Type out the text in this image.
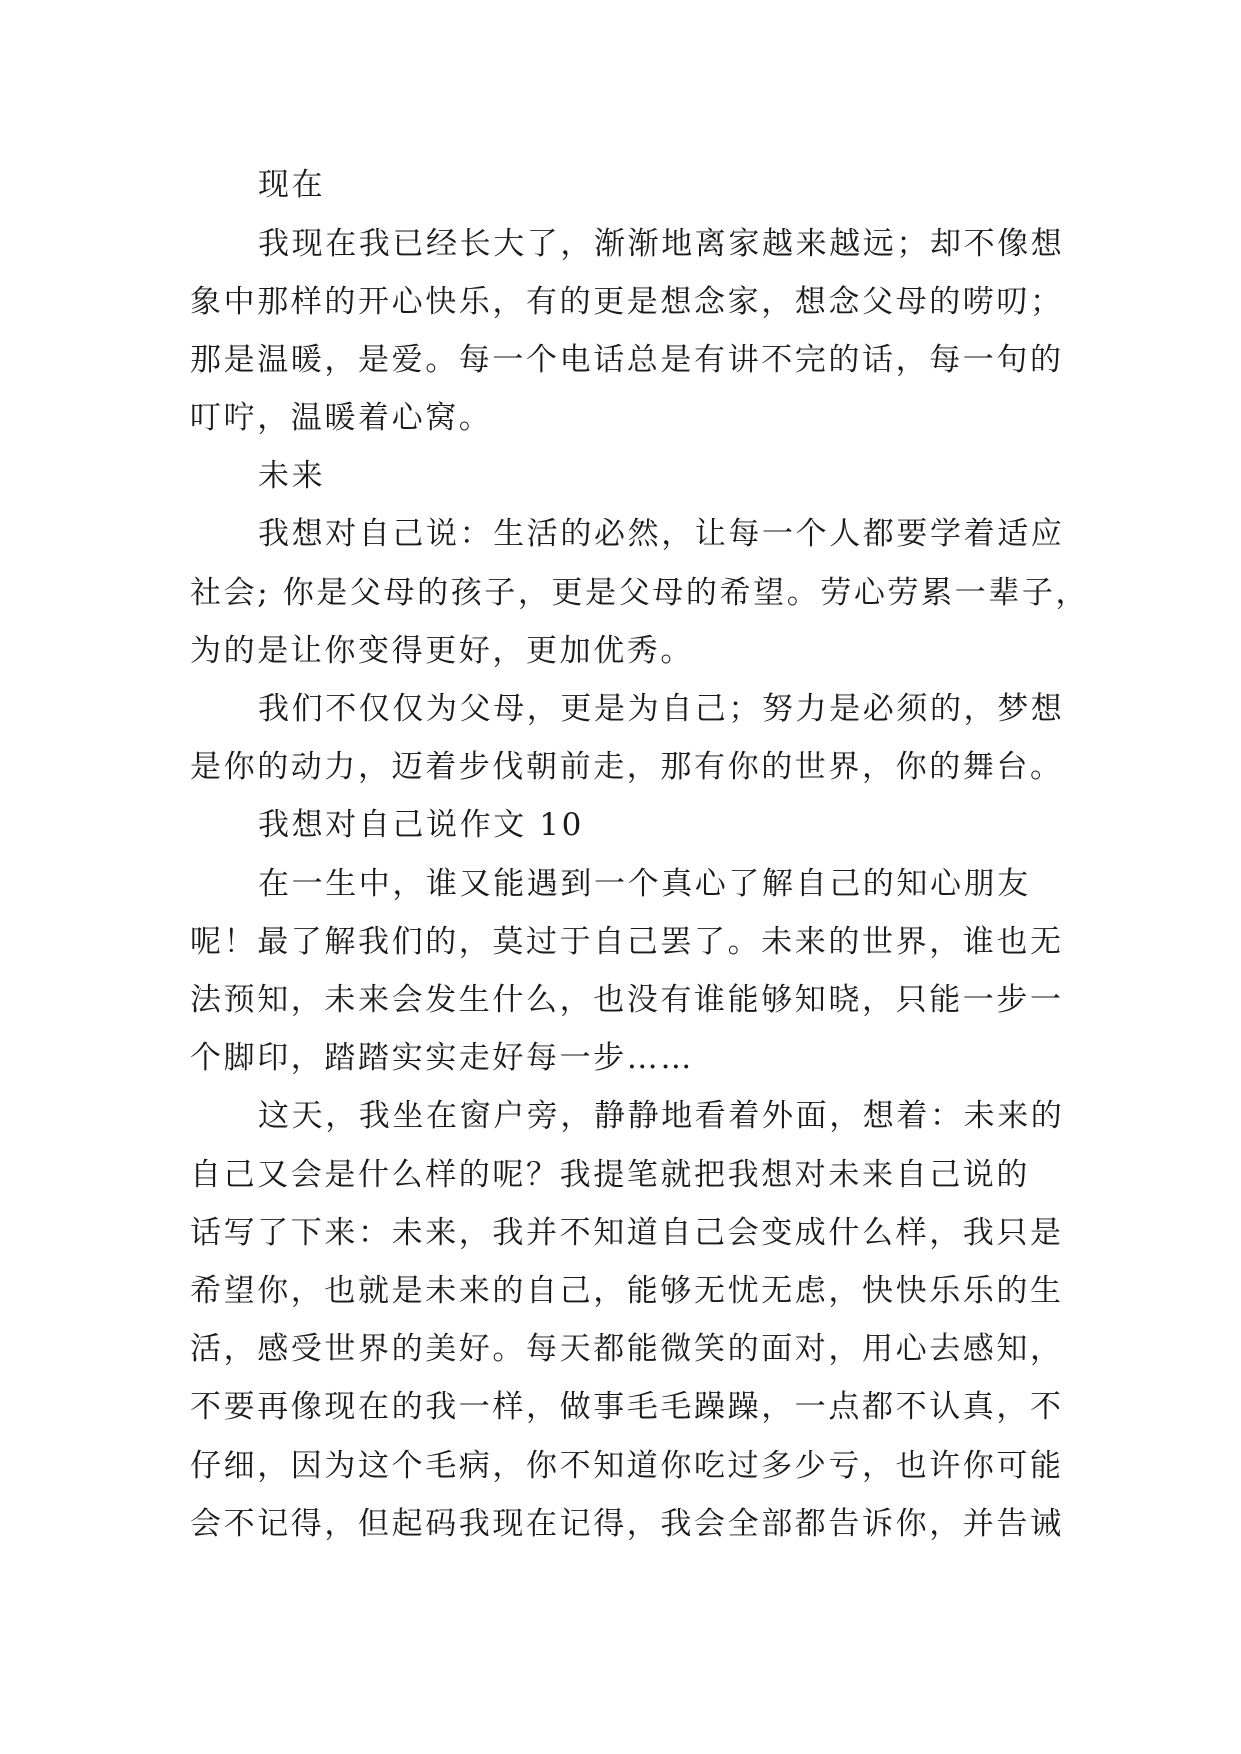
现在
我现在我已经长大了，渐渐地离家越来越远；却不像想
象中那样的开心快乐，有的更是想念家，想念父母的唠叨；
那是温暖，是爱。每一个电话总是有讲不完的话，每一句的
叮咛，温暖着心窝。
未来
我想对自己说：生活的必然，让每一个人都要学着适应
社会; 你是父母的孩子，更是父母的希望。劳心劳累一辈子，
为的是让你变得更好，更加优秀。
我们不仅仅为父母，更是为自己；努力是必须的，梦想
是你的动力，迈着步伐朝前走，那有你的世界，你的舞台。
我想对自己说作文 10
在一生中，谁又能遇到一个真心了解自己的知心朋友
呢！最了解我们的，莫过于自己罢了。未来的世界，谁也无
法预知，未来会发生什么，也没有谁能够知晓，只能一步一
个脚印，踏踏实实走好每一步……
这天，我坐在窗户旁，静静地看着外面，想着：未来的
自己又会是什么样的呢？我提笔就把我想对未来自己说的
话写了下来：未来，我并不知道自己会变成什么样，我只是
希望你，也就是未来的自己，能够无忧无虑，快快乐乐的生
活，感受世界的美好。每天都能微笑的面对，用心去感知，
不要再像现在的我一样，做事毛毛躁躁，一点都不认真，不
仔细，因为这个毛病，你不知道你吃过多少亏，也许你可能
会不记得，但起码我现在记得，我会全部都告诉你，并告诫
